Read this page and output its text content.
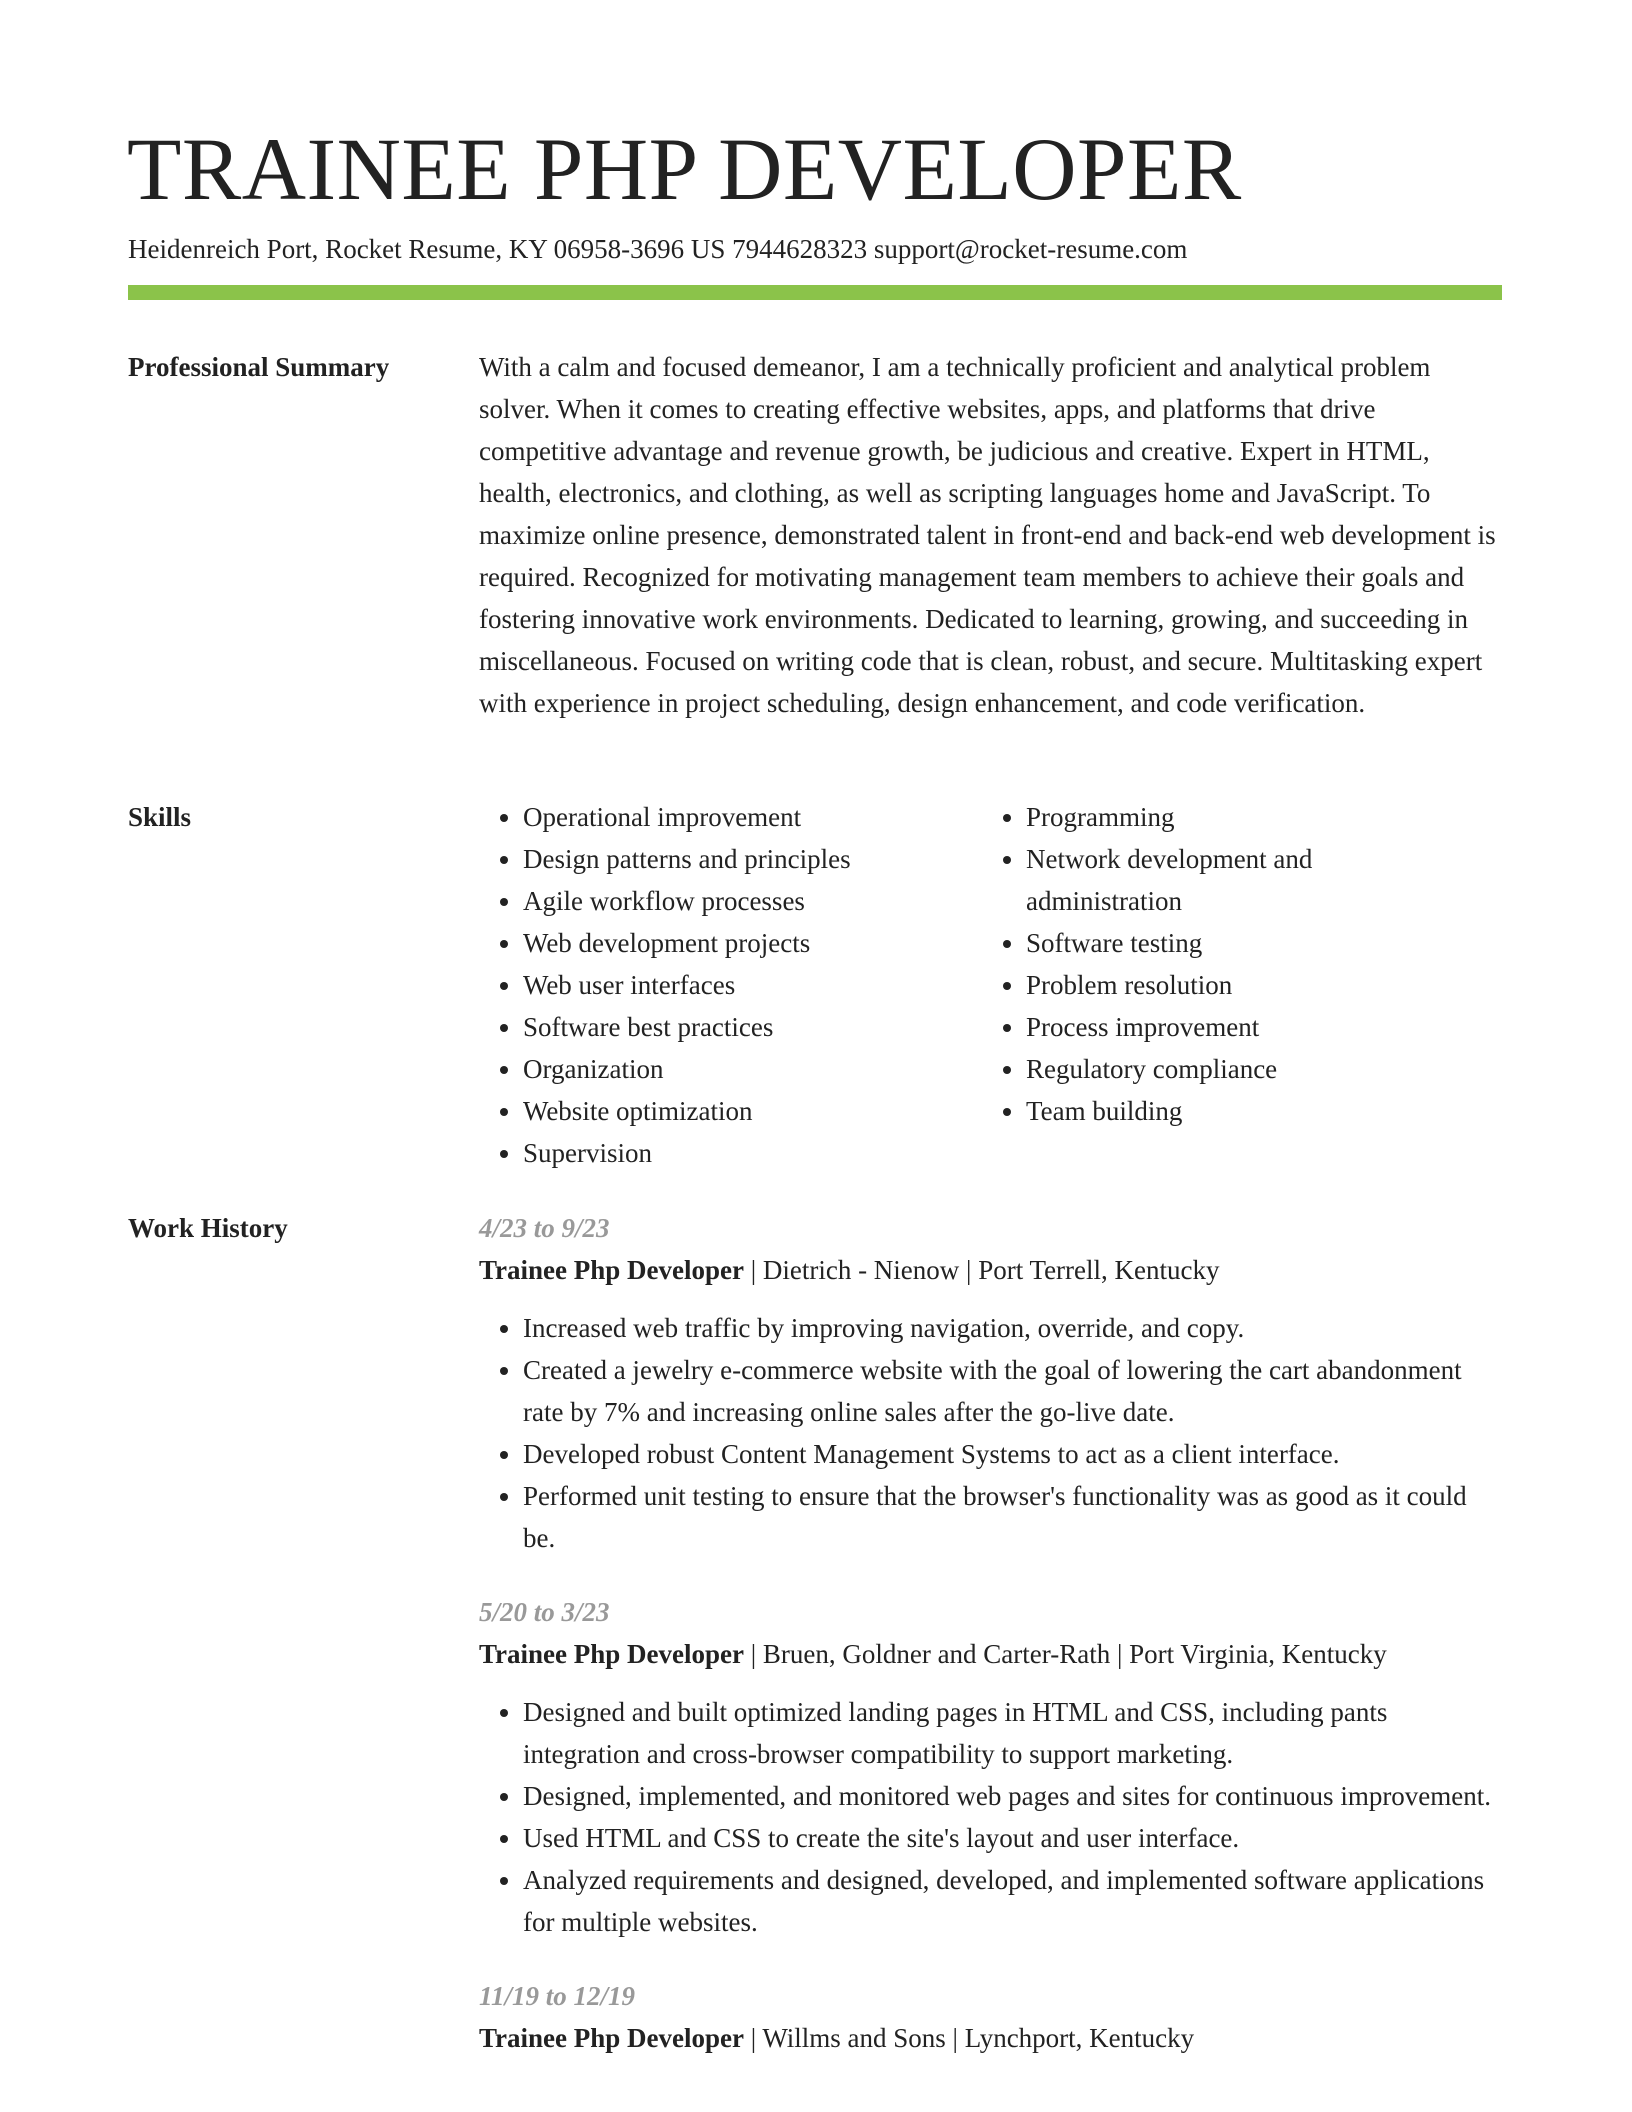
TRAINEE PHP DEVELOPER
Heidenreich Port, Rocket Resume, KY 06958-3696 US 7944628323 support@rocket-resume.com
Professional Summary	With a calm and focused demeanor, I am a technically proficient and analytical problem solver. When it comes to creating effective websites, apps, and platforms that drive competitive advantage and revenue growth, be judicious and creative. Expert in HTML, health, electronics, and clothing, as well as scripting languages home and JavaScript. To maximize online presence, demonstrated talent in front-end and back-end web development is required. Recognized for motivating management team members to achieve their goals and fostering innovative work environments. Dedicated to learning, growing, and succeeding in miscellaneous. Focused on writing code that is clean, robust, and secure. Multitasking expert with experience in project scheduling, design enhancement, and code verification.

Skills
•	Operational improvement
• Design patterns and principles
• Agile workflow processes
• Web development projects
• Web user interfaces
• Software best practices
• Organization
• Website optimization
• Supervision
• Programming
• Network development and administration
• Software testing
• Problem resolution
• Process improvement
• Regulatory compliance
• Team building
Work History	4/23 to 9/23
Trainee Php Developer | Dietrich - Nienow | Port Terrell, Kentucky
• Increased web traffic by improving navigation, override, and copy.
• Created a jewelry e-commerce website with the goal of lowering the cart abandonment rate by 7% and increasing online sales after the go-live date.
• Developed robust Content Management Systems to act as a client interface.
• Performed unit testing to ensure that the browser's functionality was as good as it could be.
5/20 to 3/23
Trainee Php Developer | Bruen, Goldner and Carter-Rath | Port Virginia, Kentucky
• Designed and built optimized landing pages in HTML and CSS, including pants integration and cross-browser compatibility to support marketing.
• Designed, implemented, and monitored web pages and sites for continuous improvement.
• Used HTML and CSS to create the site's layout and user interface.
• Analyzed requirements and designed, developed, and implemented software applications for multiple websites.
11/19 to 12/19
Trainee Php Developer | Willms and Sons | Lynchport, Kentucky
